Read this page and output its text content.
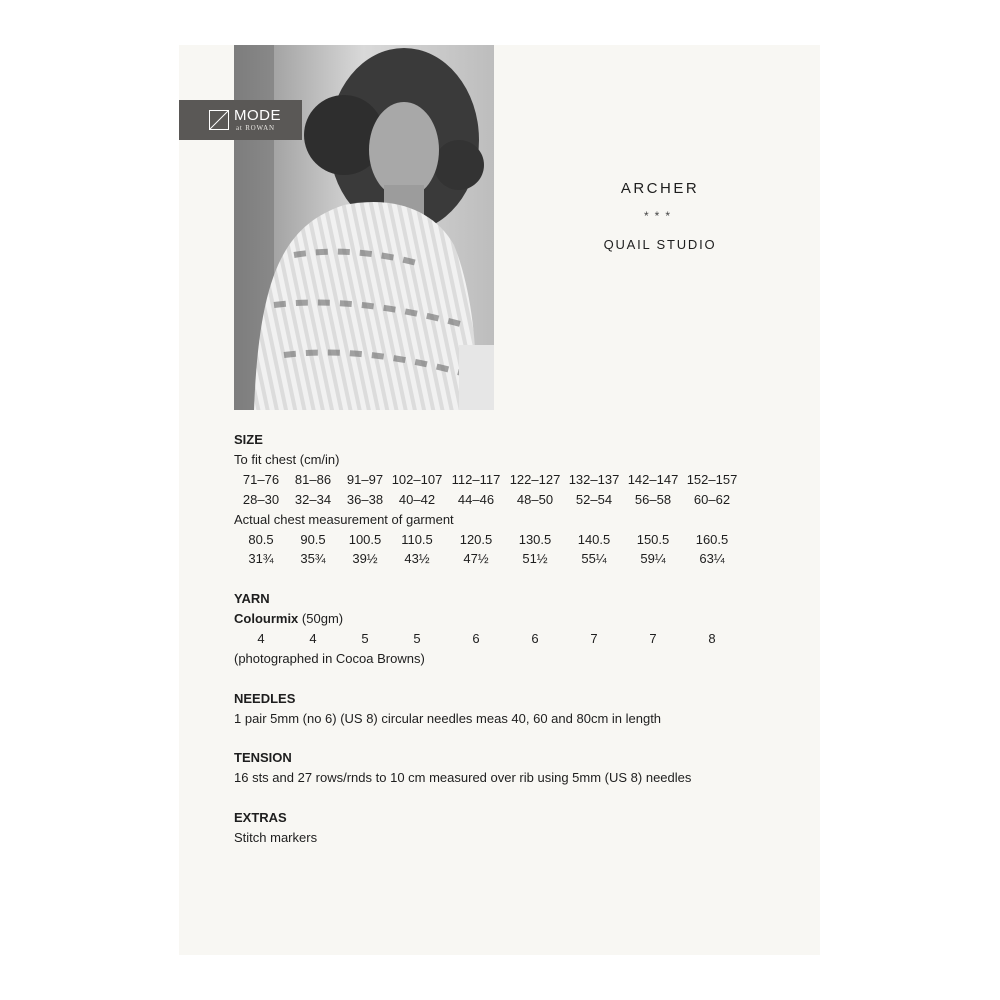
MODE
at ROWAN
ARCHER
***
QUAIL STUDIO
SIZE
To fit chest (cm/in)
71–76	81–86	91–97 102–107 112–117 122–127 132–137 142–147 152–157
28–30	32–34	36–38	40–42	44–46	48–50	52–54	56–58	60–62
Actual chest measurement of garment
80.5	90.5	100.5	110.5	120.5	130.5	140.5	150.5	160.5
31¾	35¾	39½	43½	47½	51½	55¼	59¼	63¼
YARN
Colourmix (50gm)
4	4	5	5	6	6	7	7	8
(photographed in Cocoa Browns)
NEEDLES
1 pair 5mm (no 6) (US 8) circular needles meas 40, 60 and 80cm in length
TENSION
16 sts and 27 rows/rnds to 10 cm measured over rib using 5mm (US 8) needles
EXTRAS
Stitch markers
